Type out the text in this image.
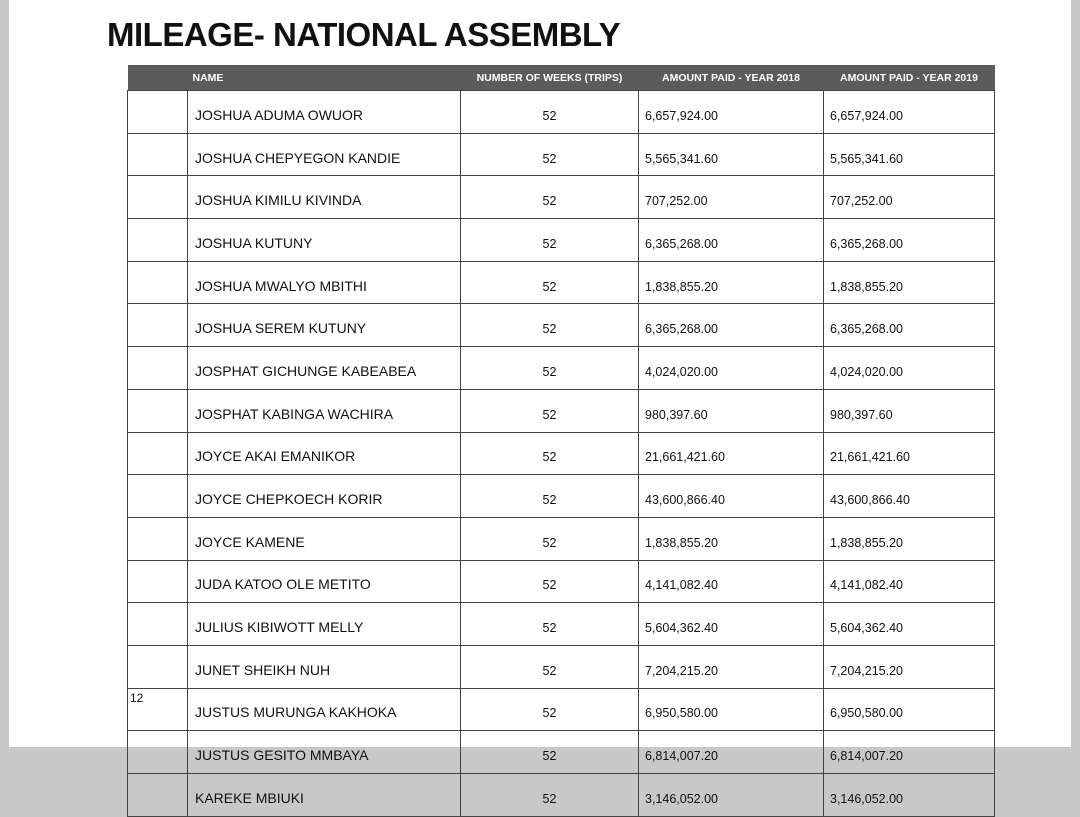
MILEAGE- NATIONAL ASSEMBLY
	NAME	NUMBER OF WEEKS (TRIPS)	AMOUNT PAID - YEAR 2018	AMOUNT PAID - YEAR 2019
	JOSHUA ADUMA OWUOR	52	6,657,924.00	6,657,924.00
	JOSHUA CHEPYEGON KANDIE	52	5,565,341.60	5,565,341.60
	JOSHUA KIMILU KIVINDA	52	707,252.00	707,252.00
	JOSHUA KUTUNY	52	6,365,268.00	6,365,268.00
	JOSHUA MWALYO MBITHI	52	1,838,855.20	1,838,855.20
	JOSHUA SEREM KUTUNY	52	6,365,268.00	6,365,268.00
	JOSPHAT GICHUNGE KABEABEA	52	4,024,020.00	4,024,020.00
	JOSPHAT KABINGA WACHIRA	52	980,397.60	980,397.60
	JOYCE AKAI EMANIKOR	52	21,661,421.60	21,661,421.60
	JOYCE CHEPKOECH KORIR	52	43,600,866.40	43,600,866.40
	JOYCE KAMENE	52	1,838,855.20	1,838,855.20
	JUDA KATOO OLE METITO	52	4,141,082.40	4,141,082.40
	JULIUS KIBIWOTT MELLY	52	5,604,362.40	5,604,362.40
	JUNET SHEIKH NUH	52	7,204,215.20	7,204,215.20
	JUSTUS MURUNGA KAKHOKA	52	6,950,580.00	6,950,580.00
	JUSTUS GESITO MMBAYA	52	6,814,007.20	6,814,007.20
	KAREKE MBIUKI	52	3,146,052.00	3,146,052.00
12
